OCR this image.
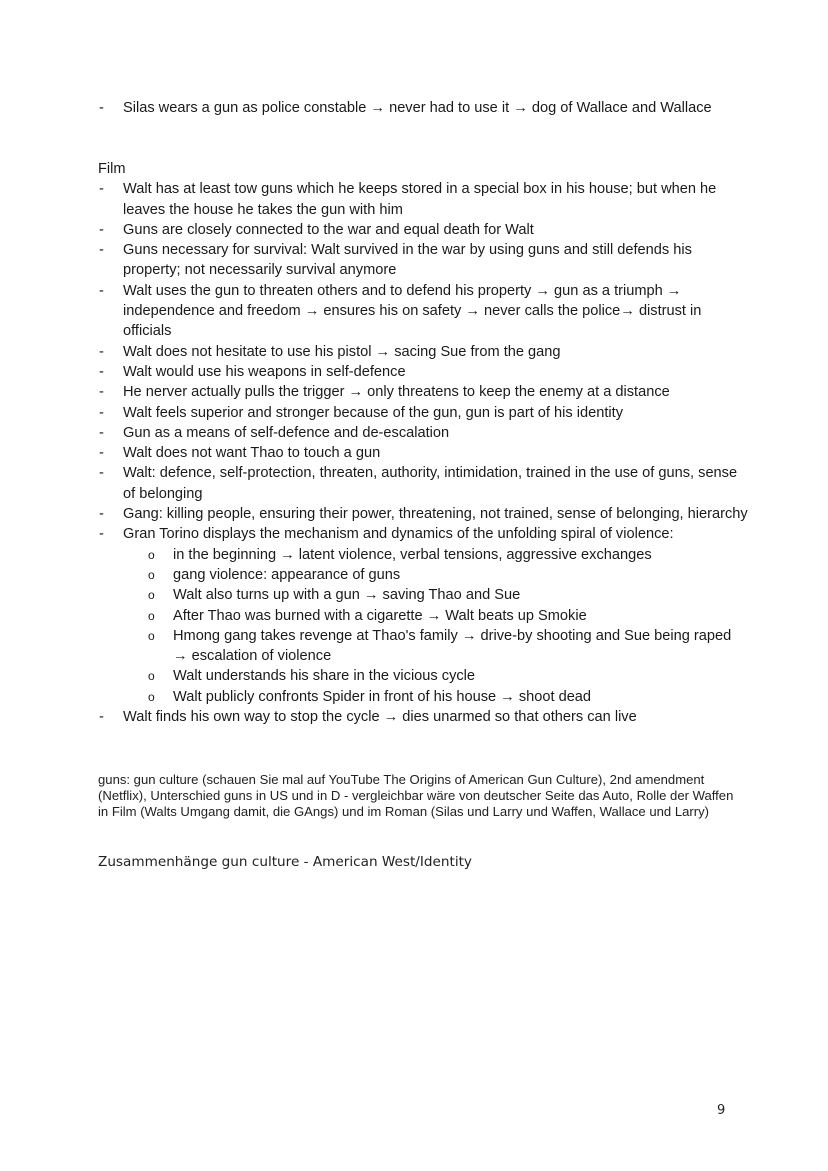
-	Silas wears a gun as police constable → never had to use it → dog of Wallace and Wallace

Film

-	Walt has at least tow guns which he keeps stored in a special box in his house; but when he leaves the house he takes the gun with him
-	Guns are closely connected to the war and equal death for Walt
-	Guns necessary for survival: Walt survived in the war by using guns and still defends his property; not necessarily survival anymore
-	Walt uses the gun to threaten others and to defend his property → gun as a triumph → independence and freedom → ensures his on safety → never calls the police→ distrust in officials
-	Walt does not hesitate to use his pistol → sacing Sue from the gang
-	Walt would use his weapons in self-defence
-	He nerver actually pulls the trigger → only threatens to keep the enemy at a distance
-	Walt feels superior and stronger because of the gun, gun is part of his identity
-	Gun as a means of self-defence and de-escalation
-	Walt does not want Thao to touch a gun
-	Walt: defence, self-protection, threaten, authority, intimidation, trained in the use of guns, sense of belonging
-	Gang: killing people, ensuring their power, threatening, not trained, sense of belonging, hierarchy
-	Gran Torino displays the mechanism and dynamics of the unfolding spiral of violence:
o in the beginning → latent violence, verbal tensions, aggressive exchanges
o gang violence: appearance of guns
o Walt also turns up with a gun → saving Thao and Sue
o After Thao was burned with a cigarette → Walt beats up Smokie
o Hmong gang takes revenge at Thao's family → drive-by shooting and Sue being raped → escalation of violence
o Walt understands his share in the vicious cycle
o Walt publicly confronts Spider in front of his house → shoot dead
-	Walt finds his own way to stop the cycle → dies unarmed so that others can live
guns: gun culture (schauen Sie mal auf YouTube The Origins of American Gun Culture), 2nd amendment (Netflix), Unterschied guns in US und in D - vergleichbar wäre von deutscher Seite das Auto, Rolle der Waffen in Film (Walts Umgang damit, die GAngs) und im Roman (Silas und Larry und Waffen, Wallace und Larry)
Zusammenhänge gun culture - American West/Identity
9
